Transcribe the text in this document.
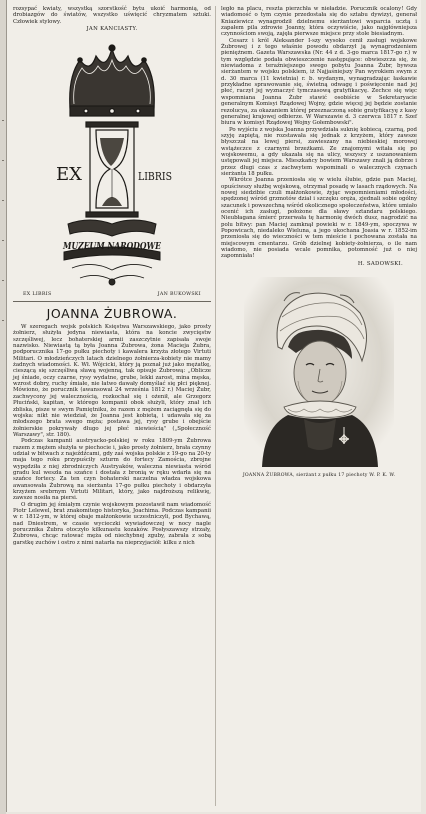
rozsypać kwiaty, wszystką szorstkość bytu ukoić harmonią, od drobiazgów do światów, wszystko uświęcić chryzmatem sztuki. Człowiek stylowy.

JAN KANCIASTY.
EX	LIBRIS
MUZEUM NARODOWE
EX LIBRIS	JAN BUKOWSKI
JOANNA ŻUBROWA.

W szeregach wojsk polskich Księstwa Warszawskiego, jako prosty żołnierz, służyła jedyna niewiasta, która na koncie zwycięstw szczęśliwej, lecz bohaterskiej armii zaszczytnie zapisała swoje nazwisko. Niewiastą tą była Joanna Żubrowa, żona Macieja Żubra, podporucznika 17-go pułku piechoty i kawalera krzyża złotego Virtuti Militari. O młodzieńczych latach dzielnego żołnierza-kobiety nie mamy żadnych wiadomości. K. Wł. Wójcicki, który ją poznał już jako mężatkę, cieszącą się szczęśliwą sławą wojenną, tak opisuje Żubrową: „Oblicze jej śniade, oczy czarne, rysy wydatne, grube, lekki zarost, mina męska, wzrost dobry, ruchy śmiałe, nie łatwo dawały domyślać się płci pięknej. Mówiono, że porucznik (awansowal 24 września 1812 r.) Maciej Żubr, zachwycony jej walecznością, rozkochał się i ożenił, ale Grzegorz Płuciński, kapitan, w którego kompanii obok służyli, który znał ich zbliska, pisze w swym Pamiętniku, że razem z mężem zaciągnęła się do wojska: nikt nie wiedział, że Joanna jest kobietą, i udawała się za młodszego brata swego męża; postawa jej, rysy grube i obejście żołnierskie pokrywały długo jej płeć niewieścią" („Społeczność Warszawy", str. 180).

Podczas kampanii austryacko-polskiej w roku 1809-ym Żubrowa razem z mężem służyła w piechocie i, jako prosty żołnierz, brała czynny udział w bitwach z najeźdźcami, gdy zaś wojska polskie z 19-go na 20-ty maja tego roku przypuściły szturm do fortecy Zamościa, zbrojne wypędziła z niej zbrodniczych Austryaków, waleczna niewiasta wśród gradu kul weszła na szańce i dostała z bronią w ręku wdarła się na szańce fortecy. Za ten czyn bohaterski naczelna władza wojskowa awansowała Żubrową na sierżanta 17-go pułku piechoty i obdarzyła krzyżem srebrnym Virtuti Militari, który, jako najdroższą relikwię, zawsze nosiła na piersi.

O drugim jej śmiałym czynie wojskowym pozostawił nam wiadomość Piotr Lelewel, brat znakomitego historyka, Joachima. Podczas kampanii w r. 1812-ym, w której obaje małżonkowie uczestniczyli, pod Bychawą, nad Dniestrem, w czasie wycieczki wywiadowczej w nocy nagle porucznika Żubra otoczyło kilkunastu kozaków. Posłyszawszy strzały, Żubrowa, chcąc ratować męża od niechybnej zguby, zabrała z sobą garstkę zuchów i ostro z nimi natarła na nieprzyjaciół: kilku z nich

legło na placu, reszta pierzchła w nieładzie. Porucznik ocalony! Gdy wiadomość o tym czynie przedostała się do sztabu dywizyi, generał Kniaziewicz wynagrodził dzielnemu sierżantowi wsparcia ucztą i zapałem pila zdrowie Joanny, która oczywiście, jako najgłówniejsza czynnościom swoją, zajęła pierwsze miejsce przy stole biesiadnym.

Cesarz i król Aleksander I-szy wysoko cenił zasługi wojskowe Żubrowej i z tego właśnie powodu obdarzył ją wynagrodzeniem pieniężnem. Gazeta Warszawska (Nr. 44 z d. 3-go marca 1817-go r.) w tym względzie podała obwieszczenie następujące: obwieszcza się, że niewiadoma z teraźniejszego swego pobytu Joanna Żubr, bywsza sierżantem w wojsku polskiem, iż Najjaśniejszy Pan wyrokiem swym z d. 30 marca (11 kwietnia) r. b. wydanym, wynagradzając łaskawie przykładne sprawowanie się, świetną odwagę i poświęcenie nad jej płeć, raczył jej wyznaczyć tymczasową gratyfikacyę. Zechce się więc wspomniana Joanna Żubr stawić osobiście w Sekretaryacie generalnym Komisyi Rządowej Wojny, gdzie więcej jej będzie zostanie rezolucya, za okazaniem której przeznaczoną sobie gratyfikacyę z kasy generalnej krajowej odbierze. W Warszawie d. 3 czerwca 1817 r. Szef biura w komisyi Rządowej Wojny Gołembowski".

Po wyjściu z wojska Joanna przywdziała suknię kobiecą, czarną, pod szyję zapiętą, nie rozstawała się jednak z krzyżem, który zawsze błyszczał na lewej piersi, zawieszany na niebieskiej morowej wstążeczce z czarnymi brzeżkami. Ze znajomymi witała się po wojskowemu, a gdy ukazała się na ulicy, wszyscy z uszanowaniem ustępowali jej miejsca. Mieszkańcy bowiem Warszawy znali ją dobrze i przez długi czas z zachwytem wspominali o walecznych czynach sierżanta 18 pułku.

Wkrótce Joanna przeniosła się w wielu ślubie, gdzie pan Maciej, opuściwszy służbę wojskową, otrzymał posadę w lasach rządowych. Na nowej siedzibie czuli małżonkowie, żyjąc wspomnieniami młodości, spędzonej wśród grzmotów dział i szczęku oręża, zjednali sobie ogólny szacunek i powszechną wśród okolicznego społeczeństwa, które umiało ocenić ich zasługi, położone dla sławy sztandaru polskiego. Nieubłagana śmierć przerwała tę harmonię dwóch dusz, nagrodzić na polu bitwy: pan Maciej zamknął powieki w r. 1849-ym, spoczywa w Popowicach, niedaleko Wieluna, a jego ukochana Joasia w r. 1852-im przeniosła się do wieczności w tem mieście i pochowana została na miejscowym cmentarzu. Grób dzielnej kobiety-żołnierza, o ile nam wiadomo, nie posiada wcale pomnika, potomność już o niej zapomniała!

H. SADOWSKI.
JOANNA ŻUBROWA, sierżant z pułku 17 piechoty W. P. K. W.
